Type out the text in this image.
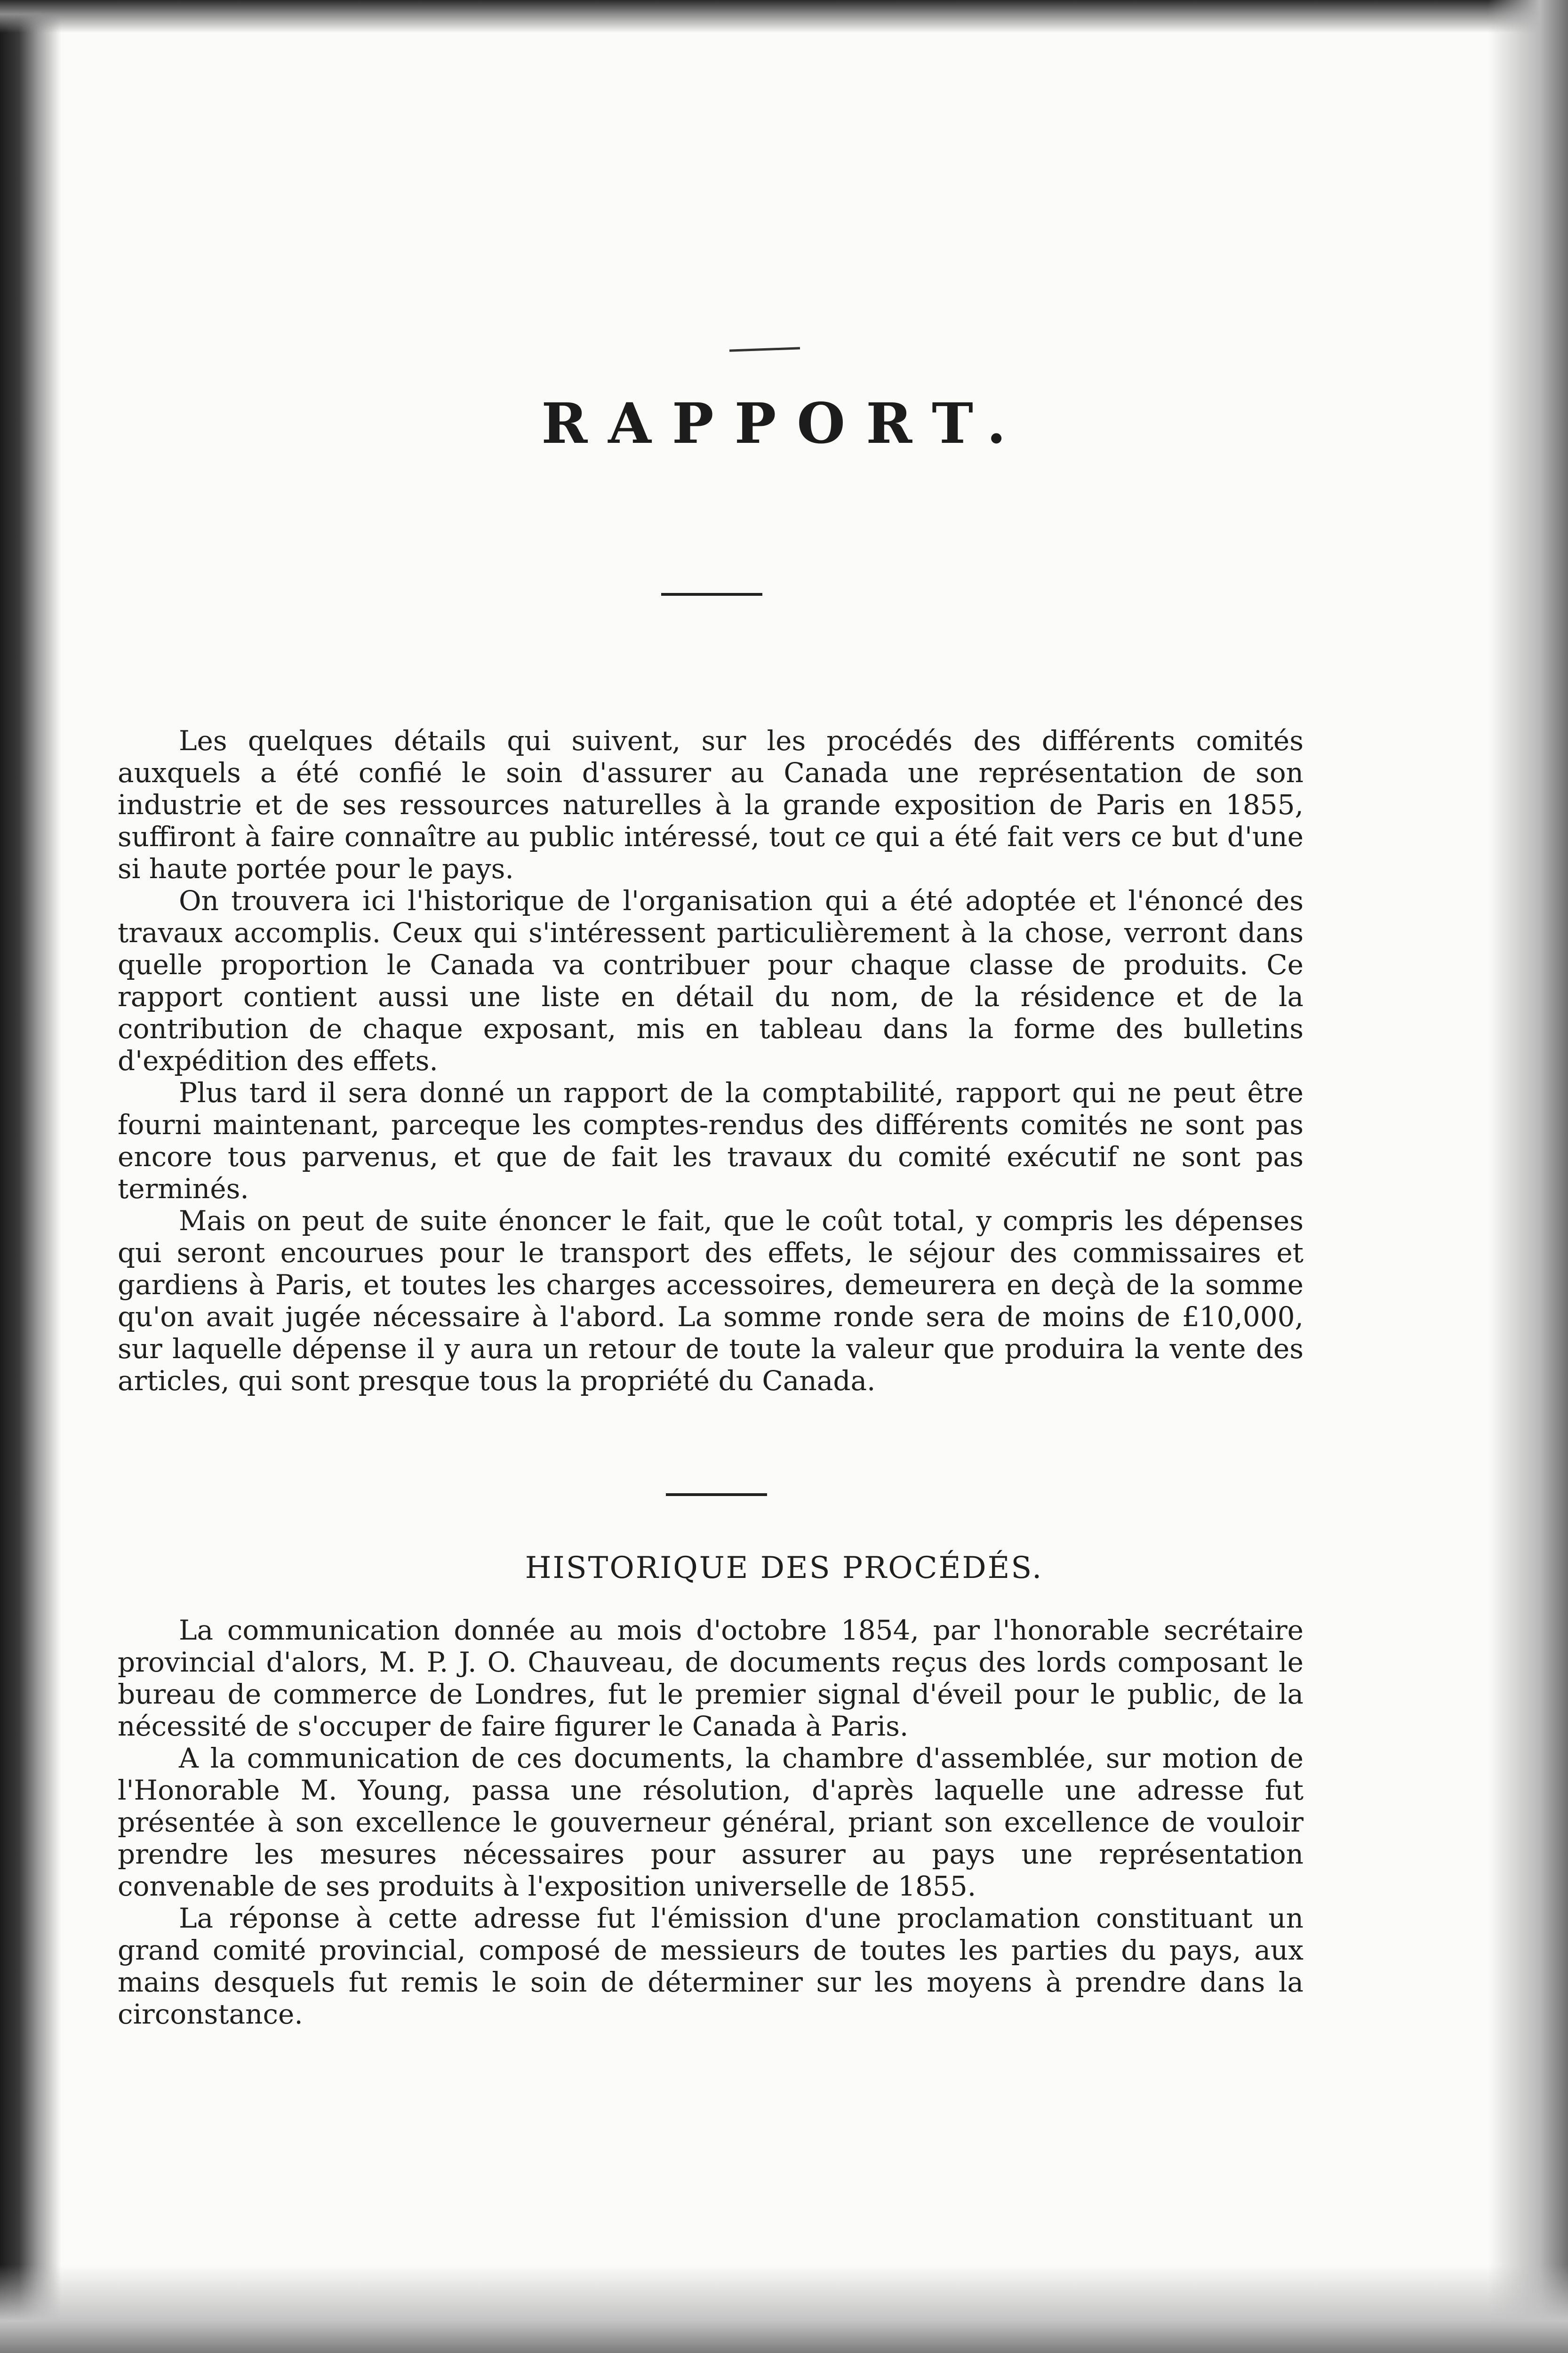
RAPPORT.

Les quelques détails qui suivent, sur les procédés des différents comités auxquels a été confié le soin d'assurer au Canada une représentation de son industrie et de ses ressources naturelles à la grande exposition de Paris en 1855, suffiront à faire connaître au public intéressé, tout ce qui a été fait vers ce but d'une si haute portée pour le pays.

On trouvera ici l'historique de l'organisation qui a été adoptée et l'énoncé des travaux accomplis. Ceux qui s'intéressent particulièrement à la chose, verront dans quelle proportion le Canada va contribuer pour chaque classe de produits. Ce rapport contient aussi une liste en détail du nom, de la résidence et de la contribution de chaque exposant, mis en tableau dans la forme des bulletins d'expédition des effets.

Plus tard il sera donné un rapport de la comptabilité, rapport qui ne peut être fourni maintenant, parceque les comptes-rendus des différents comités ne sont pas encore tous parvenus, et que de fait les travaux du comité exécutif ne sont pas terminés.

Mais on peut de suite énoncer le fait, que le coût total, y compris les dépenses qui seront encourues pour le transport des effets, le séjour des commissaires et gardiens à Paris, et toutes les charges accessoires, demeurera en deçà de la somme qu'on avait jugée nécessaire à l'abord. La somme ronde sera de moins de £10,000, sur laquelle dépense il y aura un retour de toute la valeur que produira la vente des articles, qui sont presque tous la propriété du Canada.

HISTORIQUE DES PROCÉDÉS.

La communication donnée au mois d'octobre 1854, par l'honorable secrétaire provincial d'alors, M. P. J. O. Chauveau, de documents reçus des lords composant le bureau de commerce de Londres, fut le premier signal d'éveil pour le public, de la nécessité de s'occuper de faire figurer le Canada à Paris.

A la communication de ces documents, la chambre d'assemblée, sur motion de l'Honorable M. Young, passa une résolution, d'après laquelle une adresse fut présentée à son excellence le gouverneur général, priant son excellence de vouloir prendre les mesures nécessaires pour assurer au pays une représentation convenable de ses produits à l'exposition universelle de 1855.

La réponse à cette adresse fut l'émission d'une proclamation constituant un grand comité provincial, composé de messieurs de toutes les parties du pays, aux mains desquels fut remis le soin de déterminer sur les moyens à prendre dans la circonstance.
